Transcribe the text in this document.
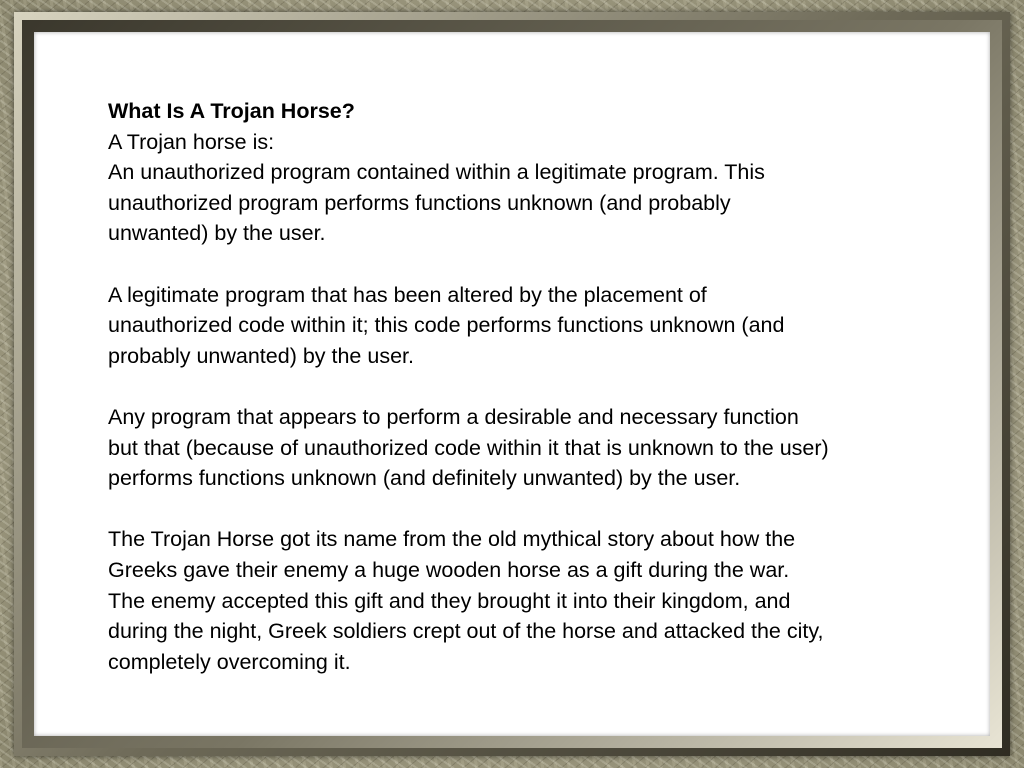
What Is A Trojan Horse?
A Trojan horse is:
An unauthorized program contained within a legitimate program. This
unauthorized program performs functions unknown (and probably
unwanted) by the user.
A legitimate program that has been altered by the placement of
unauthorized code within it; this code performs functions unknown (and
probably unwanted) by the user.
Any program that appears to perform a desirable and necessary function
but that (because of unauthorized code within it that is unknown to the user)
performs functions unknown (and definitely unwanted) by the user.
The Trojan Horse got its name from the old mythical story about how the
Greeks gave their enemy a huge wooden horse as a gift during the war.
The enemy accepted this gift and they brought it into their kingdom, and
during the night, Greek soldiers crept out of the horse and attacked the city,
completely overcoming it.
